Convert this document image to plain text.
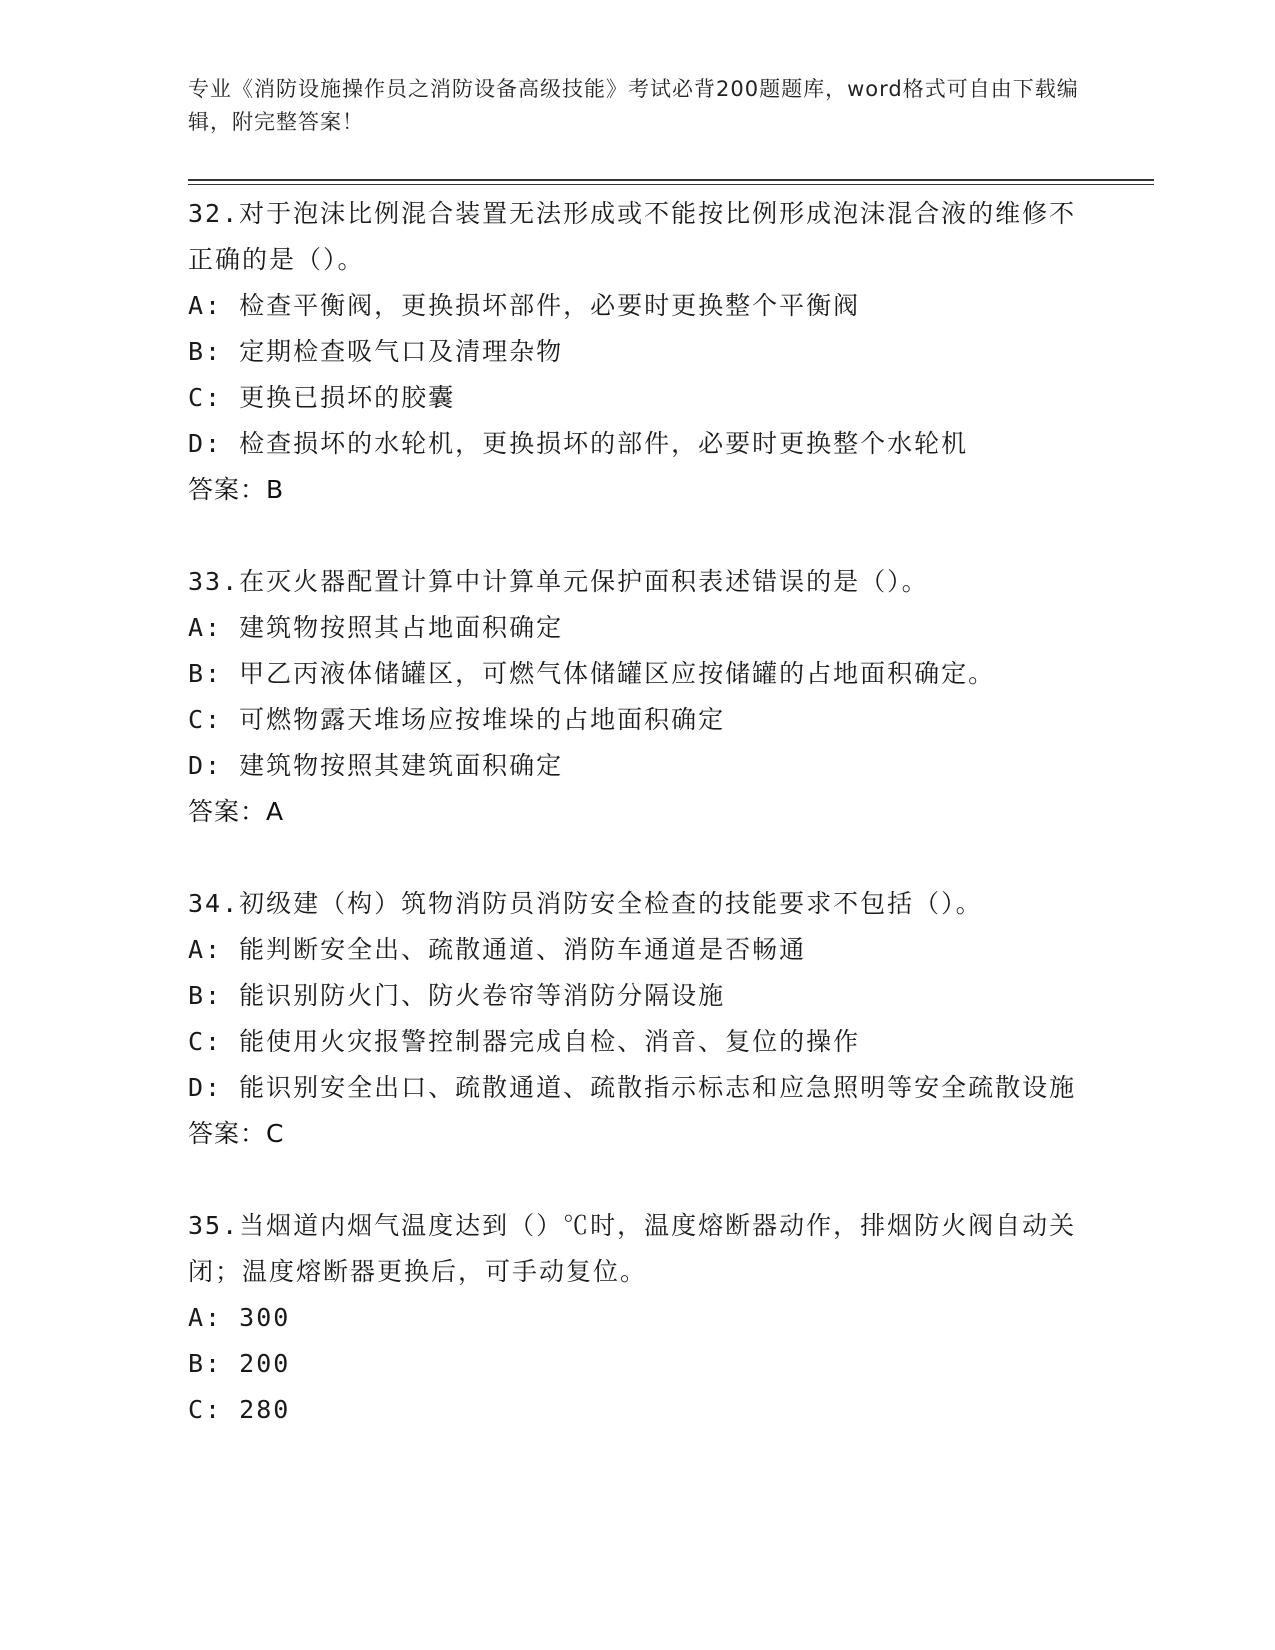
专业《消防设施操作员之消防设备高级技能》考试必背200题题库，word格式可自由下载编辑，附完整答案！
32.对于泡沫比例混合装置无法形成或不能按比例形成泡沫混合液的维修不正确的是（）。
A: 检查平衡阀，更换损坏部件，必要时更换整个平衡阀
B: 定期检查吸气口及清理杂物
C: 更换已损坏的胶囊
D: 检查损坏的水轮机，更换损坏的部件，必要时更换整个水轮机
答案：B
33.在灭火器配置计算中计算单元保护面积表述错误的是（）。
A: 建筑物按照其占地面积确定
B: 甲乙丙液体储罐区，可燃气体储罐区应按储罐的占地面积确定。
C: 可燃物露天堆场应按堆垛的占地面积确定
D: 建筑物按照其建筑面积确定
答案：A
34.初级建（构）筑物消防员消防安全检查的技能要求不包括（）。
A: 能判断安全出、疏散通道、消防车通道是否畅通
B: 能识别防火门、防火卷帘等消防分隔设施
C: 能使用火灾报警控制器完成自检、消音、复位的操作
D: 能识别安全出口、疏散通道、疏散指示标志和应急照明等安全疏散设施
答案：C
35.当烟道内烟气温度达到（）℃时，温度熔断器动作，排烟防火阀自动关闭；温度熔断器更换后，可手动复位。
A: 300
B: 200
C: 280
